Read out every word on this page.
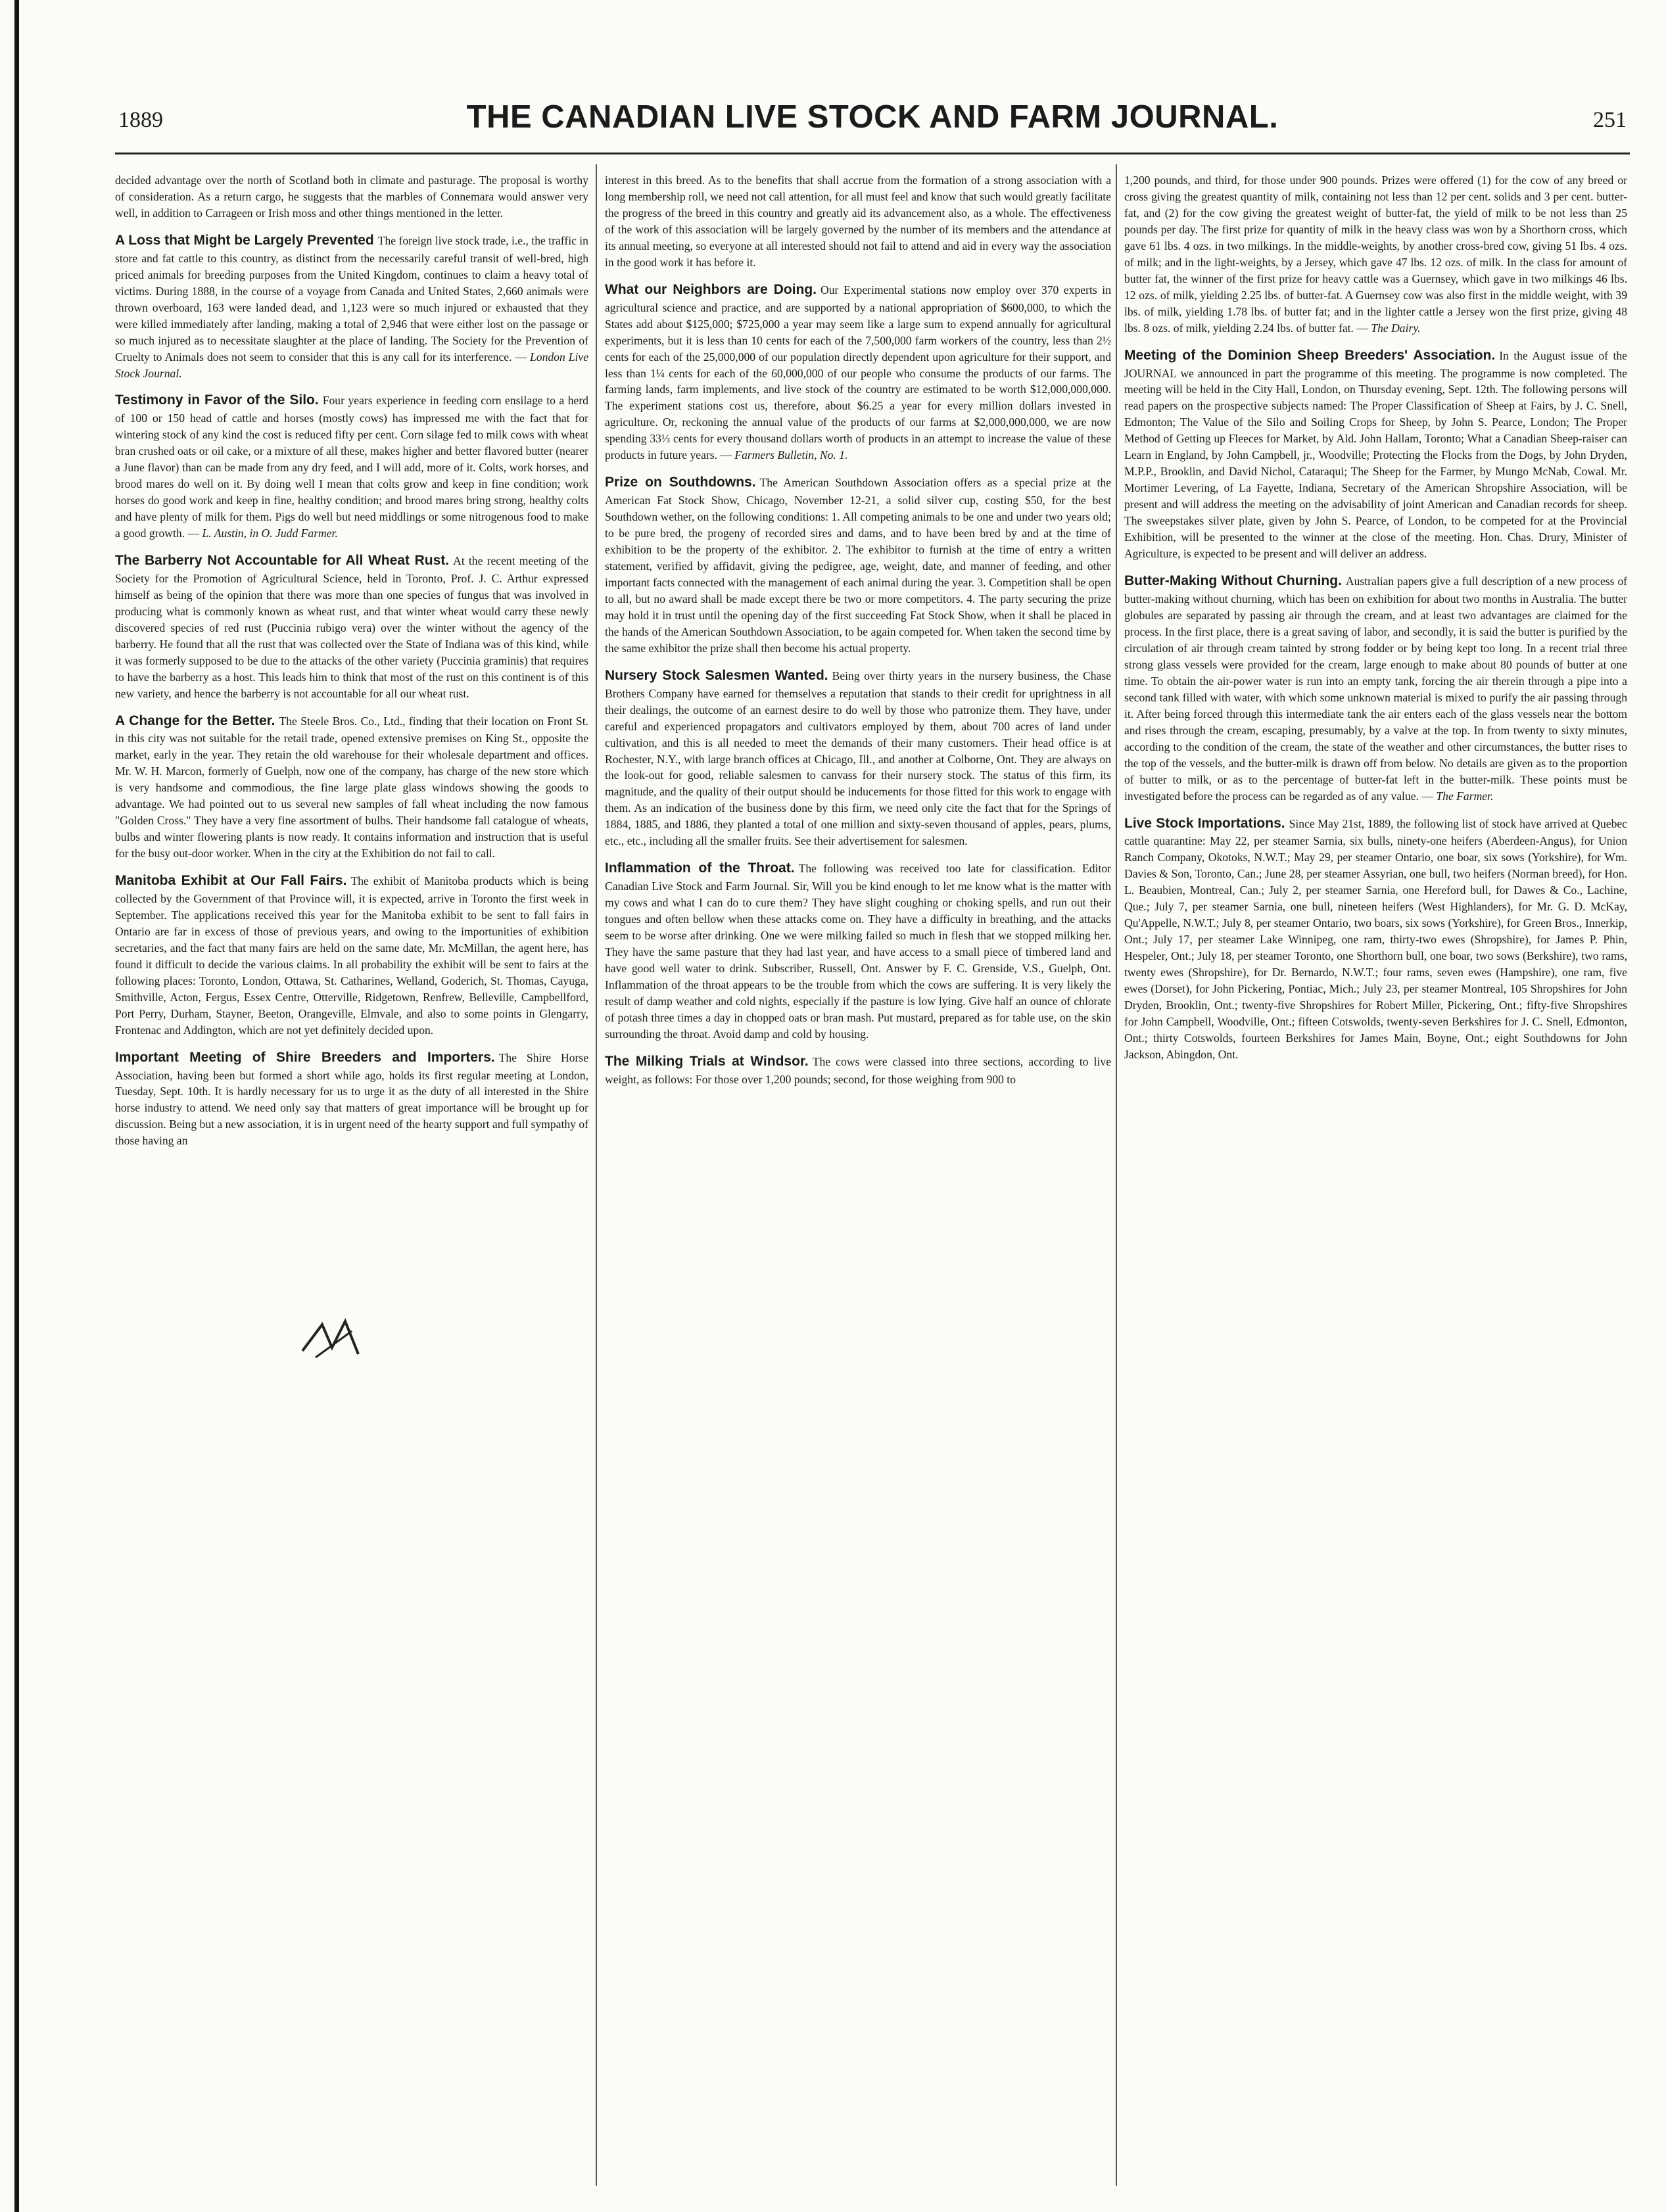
1889	THE CANADIAN LIVE STOCK AND FARM JOURNAL.	251

decided advantage over the north of Scotland both in climate and pasturage. The proposal is worthy of consideration. As a return cargo, he suggests that the marbles of Connemara would answer very well, in addition to Carrageen or Irish moss and other things mentioned in the letter.

A Loss that Might be Largely Prevented The foreign live stock trade, i.e., the traffic in store and fat cattle to this country, as distinct from the necessarily careful transit of well-bred, high priced animals for breeding purposes from the United Kingdom, continues to claim a heavy total of victims. During 1888, in the course of a voyage from Canada and United States, 2,660 animals were thrown overboard, 163 were landed dead, and 1,123 were so much injured or exhausted that they were killed immediately after landing, making a total of 2,946 that were either lost on the passage or so much injured as to necessitate slaughter at the place of landing. The Society for the Prevention of Cruelty to Animals does not seem to consider that this is any call for its interference. — London Live Stock Journal.

Testimony in Favor of the Silo. Four years experience in feeding corn ensilage to a herd of 100 or 150 head of cattle and horses (mostly cows) has impressed me with the fact that for wintering stock of any kind the cost is reduced fifty per cent. Corn silage fed to milk cows with wheat bran crushed oats or oil cake, or a mixture of all these, makes higher and better flavored butter (nearer a June flavor) than can be made from any dry feed, and I will add, more of it. Colts, work horses, and brood mares do well on it. By doing well I mean that colts grow and keep in fine condition; work horses do good work and keep in fine, healthy condition; and brood mares bring strong, healthy colts and have plenty of milk for them. Pigs do well but need middlings or some nitrogenous food to make a good growth. — L. Austin, in O. Judd Farmer.

The Barberry Not Accountable for All Wheat Rust. At the recent meeting of the Society for the Promotion of Agricultural Science, held in Toronto, Prof. J. C. Arthur expressed himself as being of the opinion that there was more than one species of fungus that was involved in producing what is commonly known as wheat rust, and that winter wheat would carry these newly discovered species of red rust (Puccinia rubigo vera) over the winter without the agency of the barberry. He found that all the rust that was collected over the State of Indiana was of this kind, while it was formerly supposed to be due to the attacks of the other variety (Puccinia graminis) that requires to have the barberry as a host. This leads him to think that most of the rust on this continent is of this new variety, and hence the barberry is not accountable for all our wheat rust.

A Change for the Better. The Steele Bros. Co., Ltd., finding that their location on Front St. in this city was not suitable for the retail trade, opened extensive premises on King St., opposite the market, early in the year. They retain the old warehouse for their wholesale department and offices. Mr. W. H. Marcon, formerly of Guelph, now one of the company, has charge of the new store which is very handsome and commodious, the fine large plate glass windows showing the goods to advantage. We had pointed out to us several new samples of fall wheat including the now famous "Golden Cross." They have a very fine assortment of bulbs. Their handsome fall catalogue of wheats, bulbs and winter flowering plants is now ready. It contains information and instruction that is useful for the busy out-door worker. When in the city at the Exhibition do not fail to call.

Manitoba Exhibit at Our Fall Fairs. The exhibit of Manitoba products which is being collected by the Government of that Province will, it is expected, arrive in Toronto the first week in September. The applications received this year for the Manitoba exhibit to be sent to fall fairs in Ontario are far in excess of those of previous years, and owing to the importunities of exhibition secretaries, and the fact that many fairs are held on the same date, Mr. McMillan, the agent here, has found it difficult to decide the various claims. In all probability the exhibit will be sent to fairs at the following places: Toronto, London, Ottawa, St. Catharines, Welland, Goderich, St. Thomas, Cayuga, Smithville, Acton, Fergus, Essex Centre, Otterville, Ridgetown, Renfrew, Belleville, Campbellford, Port Perry, Durham, Stayner, Beeton, Orangeville, Elmvale, and also to some points in Glengarry, Frontenac and Addington, which are not yet definitely decided upon.

Important Meeting of Shire Breeders and Importers. The Shire Horse Association, having been but formed a short while ago, holds its first regular meeting at London, Tuesday, Sept. 10th. It is hardly necessary for us to urge it as the duty of all interested in the Shire horse industry to attend. We need only say that matters of great importance will be brought up for discussion. Being but a new association, it is in urgent need of the hearty support and full sympathy of those having an

interest in this breed. As to the benefits that shall accrue from the formation of a strong association with a long membership roll, we need not call attention, for all must feel and know that such would greatly facilitate the progress of the breed in this country and greatly aid its advancement also, as a whole. The effectiveness of the work of this association will be largely governed by the number of its members and the attendance at its annual meeting, so everyone at all interested should not fail to attend and aid in every way the association in the good work it has before it.

What our Neighbors are Doing. Our Experimental stations now employ over 370 experts in agricultural science and practice, and are supported by a national appropriation of $600,000, to which the States add about $125,000; $725,000 a year may seem like a large sum to expend annually for agricultural experiments, but it is less than 10 cents for each of the 7,500,000 farm workers of the country, less than 2½ cents for each of the 25,000,000 of our population directly dependent upon agriculture for their support, and less than 1¼ cents for each of the 60,000,000 of our people who consume the products of our farms. The farming lands, farm implements, and live stock of the country are estimated to be worth $12,000,000,000. The experiment stations cost us, therefore, about $6.25 a year for every million dollars invested in agriculture. Or, reckoning the annual value of the products of our farms at $2,000,000,000, we are now spending 33⅓ cents for every thousand dollars worth of products in an attempt to increase the value of these products in future years. — Farmers Bulletin, No. 1.

Prize on Southdowns. The American Southdown Association offers as a special prize at the American Fat Stock Show, Chicago, November 12-21, a solid silver cup, costing $50, for the best Southdown wether, on the following conditions: 1. All competing animals to be one and under two years old; to be pure bred, the progeny of recorded sires and dams, and to have been bred by and at the time of exhibition to be the property of the exhibitor. 2. The exhibitor to furnish at the time of entry a written statement, verified by affidavit, giving the pedigree, age, weight, date, and manner of feeding, and other important facts connected with the management of each animal during the year. 3. Competition shall be open to all, but no award shall be made except there be two or more competitors. 4. The party securing the prize may hold it in trust until the opening day of the first succeeding Fat Stock Show, when it shall be placed in the hands of the American Southdown Association, to be again competed for. When taken the second time by the same exhibitor the prize shall then become his actual property.

Nursery Stock Salesmen Wanted. Being over thirty years in the nursery business, the Chase Brothers Company have earned for themselves a reputation that stands to their credit for uprightness in all their dealings, the outcome of an earnest desire to do well by those who patronize them. They have, under careful and experienced propagators and cultivators employed by them, about 700 acres of land under cultivation, and this is all needed to meet the demands of their many customers. Their head office is at Rochester, N.Y., with large branch offices at Chicago, Ill., and another at Colborne, Ont. They are always on the look-out for good, reliable salesmen to canvass for their nursery stock. The status of this firm, its magnitude, and the quality of their output should be inducements for those fitted for this work to engage with them. As an indication of the business done by this firm, we need only cite the fact that for the Springs of 1884, 1885, and 1886, they planted a total of one million and sixty-seven thousand of apples, pears, plums, etc., etc., including all the smaller fruits. See their advertisement for salesmen.

Inflammation of the Throat. The following was received too late for classification. Editor Canadian Live Stock and Farm Journal. Sir, Will you be kind enough to let me know what is the matter with my cows and what I can do to cure them? They have slight coughing or choking spells, and run out their tongues and often bellow when these attacks come on. They have a difficulty in breathing, and the attacks seem to be worse after drinking. One we were milking failed so much in flesh that we stopped milking her. They have the same pasture that they had last year, and have access to a small piece of timbered land and have good well water to drink. Subscriber, Russell, Ont. Answer by F. C. Grenside, V.S., Guelph, Ont. Inflammation of the throat appears to be the trouble from which the cows are suffering. It is very likely the result of damp weather and cold nights, especially if the pasture is low lying. Give half an ounce of chlorate of potash three times a day in chopped oats or bran mash. Put mustard, prepared as for table use, on the skin surrounding the throat. Avoid damp and cold by housing.

The Milking Trials at Windsor. The cows were classed into three sections, according to live weight, as follows: For those over 1,200 pounds; second, for those weighing from 900 to

1,200 pounds, and third, for those under 900 pounds. Prizes were offered (1) for the cow of any breed or cross giving the greatest quantity of milk, containing not less than 12 per cent. solids and 3 per cent. butter-fat, and (2) for the cow giving the greatest weight of butter-fat, the yield of milk to be not less than 25 pounds per day. The first prize for quantity of milk in the heavy class was won by a Shorthorn cross, which gave 61 lbs. 4 ozs. in two milkings. In the middle-weights, by another cross-bred cow, giving 51 lbs. 4 ozs. of milk; and in the light-weights, by a Jersey, which gave 47 lbs. 12 ozs. of milk. In the class for amount of butter fat, the winner of the first prize for heavy cattle was a Guernsey, which gave in two milkings 46 lbs. 12 ozs. of milk, yielding 2.25 lbs. of butter-fat. A Guernsey cow was also first in the middle weight, with 39 lbs. of milk, yielding 1.78 lbs. of butter fat; and in the lighter cattle a Jersey won the first prize, giving 48 lbs. 8 ozs. of milk, yielding 2.24 lbs. of butter fat. — The Dairy.

Meeting of the Dominion Sheep Breeders' Association. In the August issue of the JOURNAL we announced in part the programme of this meeting. The programme is now completed. The meeting will be held in the City Hall, London, on Thursday evening, Sept. 12th. The following persons will read papers on the prospective subjects named: The Proper Classification of Sheep at Fairs, by J. C. Snell, Edmonton; The Value of the Silo and Soiling Crops for Sheep, by John S. Pearce, London; The Proper Method of Getting up Fleeces for Market, by Ald. John Hallam, Toronto; What a Canadian Sheep-raiser can Learn in England, by John Campbell, jr., Woodville; Protecting the Flocks from the Dogs, by John Dryden, M.P.P., Brooklin, and David Nichol, Cataraqui; The Sheep for the Farmer, by Mungo McNab, Cowal. Mr. Mortimer Levering, of La Fayette, Indiana, Secretary of the American Shropshire Association, will be present and will address the meeting on the advisability of joint American and Canadian records for sheep. The sweepstakes silver plate, given by John S. Pearce, of London, to be competed for at the Provincial Exhibition, will be presented to the winner at the close of the meeting. Hon. Chas. Drury, Minister of Agriculture, is expected to be present and will deliver an address.

Butter-Making Without Churning. Australian papers give a full description of a new process of butter-making without churning, which has been on exhibition for about two months in Australia. The butter globules are separated by passing air through the cream, and at least two advantages are claimed for the process. In the first place, there is a great saving of labor, and secondly, it is said the butter is purified by the circulation of air through cream tainted by strong fodder or by being kept too long. In a recent trial three strong glass vessels were provided for the cream, large enough to make about 80 pounds of butter at one time. To obtain the air-power water is run into an empty tank, forcing the air therein through a pipe into a second tank filled with water, with which some unknown material is mixed to purify the air passing through it. After being forced through this intermediate tank the air enters each of the glass vessels near the bottom and rises through the cream, escaping, presumably, by a valve at the top. In from twenty to sixty minutes, according to the condition of the cream, the state of the weather and other circumstances, the butter rises to the top of the vessels, and the butter-milk is drawn off from below. No details are given as to the proportion of butter to milk, or as to the percentage of butter-fat left in the butter-milk. These points must be investigated before the process can be regarded as of any value. — The Farmer.

Live Stock Importations. Since May 21st, 1889, the following list of stock have arrived at Quebec cattle quarantine: May 22, per steamer Sarnia, six bulls, ninety-one heifers (Aberdeen-Angus), for Union Ranch Company, Okotoks, N.W.T.; May 29, per steamer Ontario, one boar, six sows (Yorkshire), for Wm. Davies & Son, Toronto, Can.; June 28, per steamer Assyrian, one bull, two heifers (Norman breed), for Hon. L. Beaubien, Montreal, Can.; July 2, per steamer Sarnia, one Hereford bull, for Dawes & Co., Lachine, Que.; July 7, per steamer Sarnia, one bull, nineteen heifers (West Highlanders), for Mr. G. D. McKay, Qu'Appelle, N.W.T.; July 8, per steamer Ontario, two boars, six sows (Yorkshire), for Green Bros., Innerkip, Ont.; July 17, per steamer Lake Winnipeg, one ram, thirty-two ewes (Shropshire), for James P. Phin, Hespeler, Ont.; July 18, per steamer Toronto, one Shorthorn bull, one boar, two sows (Berkshire), two rams, twenty ewes (Shropshire), for Dr. Bernardo, N.W.T.; four rams, seven ewes (Hampshire), one ram, five ewes (Dorset), for John Pickering, Pontiac, Mich.; July 23, per steamer Montreal, 105 Shropshires for John Dryden, Brooklin, Ont.; twenty-five Shropshires for Robert Miller, Pickering, Ont.; fifty-five Shropshires for John Campbell, Woodville, Ont.; fifteen Cotswolds, twenty-seven Berkshires for J. C. Snell, Edmonton, Ont.; thirty Cotswolds, fourteen Berkshires for James Main, Boyne, Ont.; eight Southdowns for John Jackson, Abingdon, Ont.
